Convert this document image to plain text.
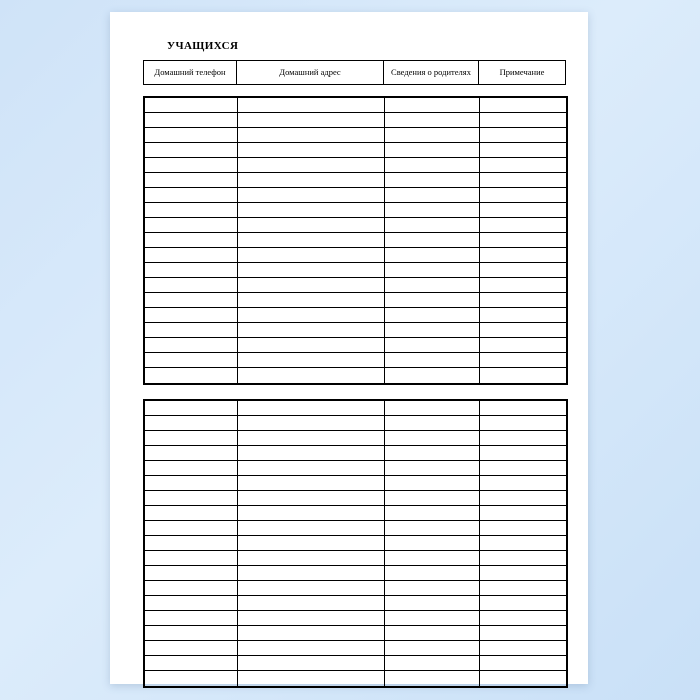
УЧАЩИХСЯ
Домашний телефон	Домашний адрес	Сведения о родителях	Примечание
